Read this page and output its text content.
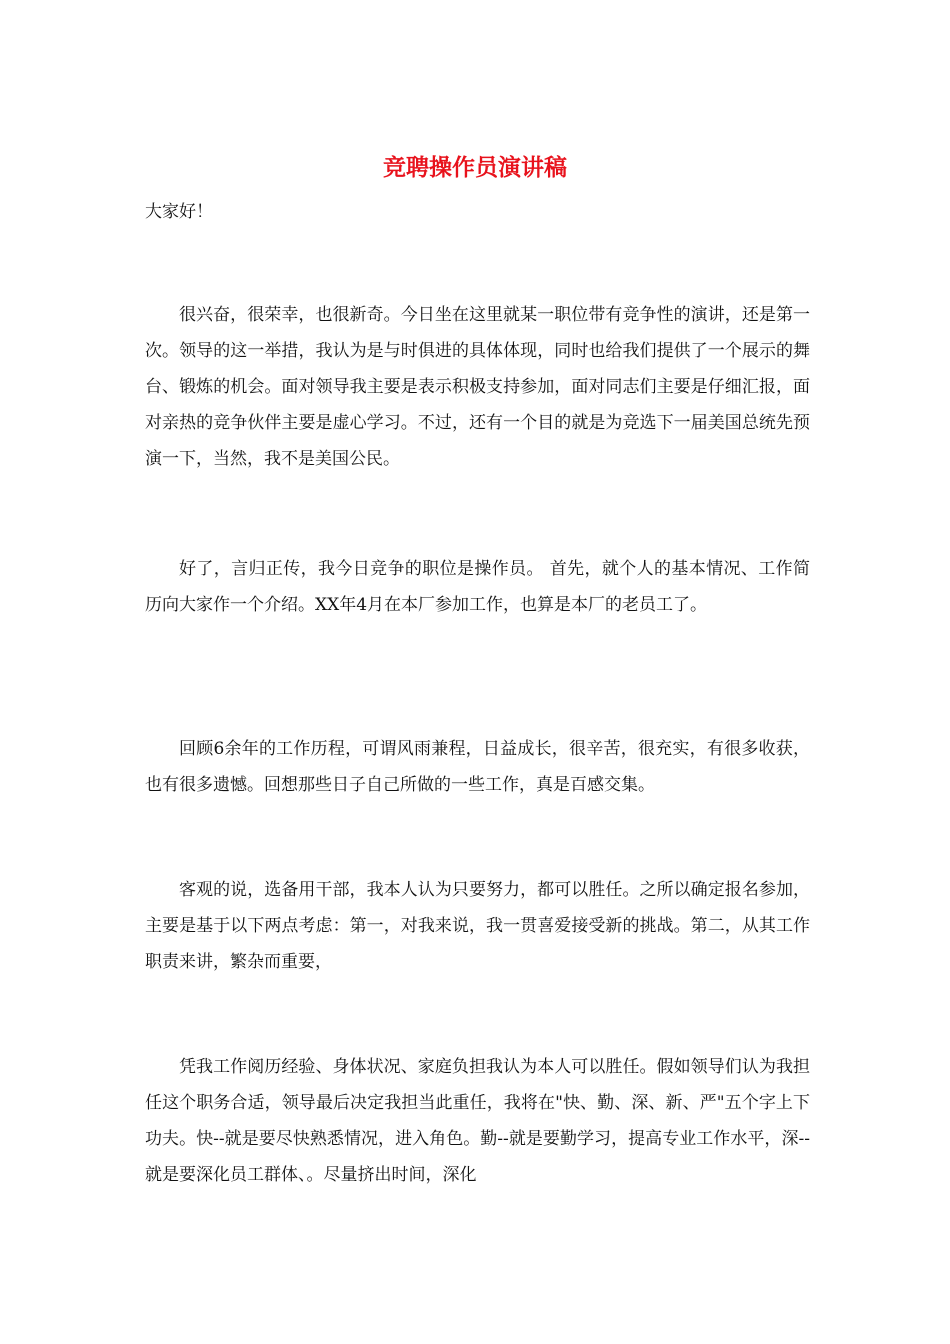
竞聘操作员演讲稿

大家好！

很兴奋，很荣幸，也很新奇。今日坐在这里就某一职位带有竞争性的演讲，还是第一次。领导的这一举措，我认为是与时俱进的具体体现，同时也给我们提供了一个展示的舞台、锻炼的机会。面对领导我主要是表示积极支持参加，面对同志们主要是仔细汇报，面对亲热的竞争伙伴主要是虚心学习。不过，还有一个目的就是为竞选下一届美国总统先预演一下，当然，我不是美国公民。

好了，言归正传，我今日竞争的职位是操作员。 首先，就个人的基本情况、工作简历向大家作一个介绍。XX年4月在本厂参加工作，也算是本厂的老员工了。

回顾6余年的工作历程，可谓风雨兼程，日益成长，很辛苦，很充实，有很多收获，也有很多遗憾。回想那些日子自己所做的一些工作，真是百感交集。

客观的说，选备用干部，我本人认为只要努力，都可以胜任。之所以确定报名参加，主要是基于以下两点考虑：第一，对我来说，我一贯喜爱接受新的挑战。第二，从其工作职责来讲，繁杂而重要，

凭我工作阅历经验、身体状况、家庭负担我认为本人可以胜任。假如领导们认为我担任这个职务合适，领导最后决定我担当此重任，我将在"快、勤、深、新、严"五个字上下功夫。快--就是要尽快熟悉情况，进入角色。勤--就是要勤学习，提高专业工作水平，深--就是要深化员工群体、。尽量挤出时间，深化
